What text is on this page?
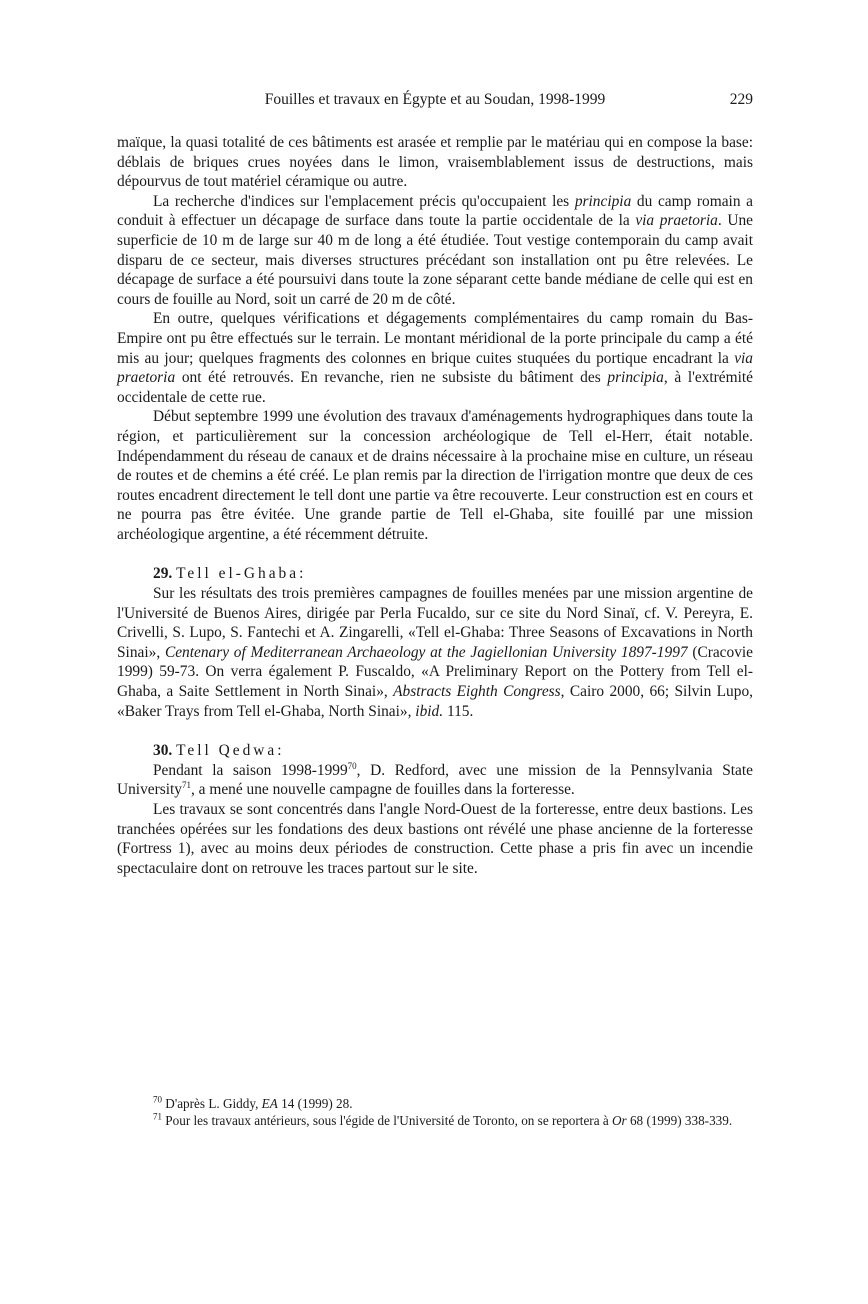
Fouilles et travaux en Égypte et au Soudan, 1998-1999	229

maïque, la quasi totalité de ces bâtiments est arasée et remplie par le matériau qui en compose la base: déblais de briques crues noyées dans le limon, vraisemblablement issus de destructions, mais dépourvus de tout matériel céramique ou autre.

La recherche d'indices sur l'emplacement précis qu'occupaient les principia du camp romain a conduit à effectuer un décapage de surface dans toute la partie occidentale de la via praetoria. Une superficie de 10 m de large sur 40 m de long a été étudiée. Tout vestige contemporain du camp avait disparu de ce secteur, mais diverses structures précédant son installation ont pu être relevées. Le décapage de surface a été poursuivi dans toute la zone séparant cette bande médiane de celle qui est en cours de fouille au Nord, soit un carré de 20 m de côté.

En outre, quelques vérifications et dégagements complémentaires du camp romain du Bas-Empire ont pu être effectués sur le terrain. Le montant méridional de la porte principale du camp a été mis au jour; quelques fragments des colonnes en brique cuites stuquées du portique encadrant la via praetoria ont été retrouvés. En revanche, rien ne subsiste du bâtiment des principia, à l'extrémité occidentale de cette rue.

Début septembre 1999 une évolution des travaux d'aménagements hydrographiques dans toute la région, et particulièrement sur la concession archéologique de Tell el-Herr, était notable. Indépendamment du réseau de canaux et de drains nécessaire à la prochaine mise en culture, un réseau de routes et de chemins a été créé. Le plan remis par la direction de l'irrigation montre que deux de ces routes encadrent directement le tell dont une partie va être recouverte. Leur construction est en cours et ne pourra pas être évitée. Une grande partie de Tell el-Ghaba, site fouillé par une mission archéologique argentine, a été récemment détruite.

29. Tell el-Ghaba:

Sur les résultats des trois premières campagnes de fouilles menées par une mission argentine de l'Université de Buenos Aires, dirigée par Perla Fucaldo, sur ce site du Nord Sinaï, cf. V. Pereyra, E. Crivelli, S. Lupo, S. Fantechi et A. Zingarelli, «Tell el-Ghaba: Three Seasons of Excavations in North Sinai», Centenary of Mediterranean Archaeology at the Jagiellonian University 1897-1997 (Cracovie 1999) 59-73. On verra également P. Fuscaldo, «A Preliminary Report on the Pottery from Tell el-Ghaba, a Saite Settlement in North Sinai», Abstracts Eighth Congress, Cairo 2000, 66; Silvin Lupo, «Baker Trays from Tell el-Ghaba, North Sinai», ibid. 115.

30. Tell Qedwa:

Pendant la saison 1998-1999$^{70}$, D. Redford, avec une mission de la Pennsylvania State University$^{71}$, a mené une nouvelle campagne de fouilles dans la forteresse.

Les travaux se sont concentrés dans l'angle Nord-Ouest de la forteresse, entre deux bastions. Les tranchées opérées sur les fondations des deux bastions ont révélé une phase ancienne de la forteresse (Fortress 1), avec au moins deux périodes de construction. Cette phase a pris fin avec un incendie spectaculaire dont on retrouve les traces partout sur le site.

$^{70}$ D'après L. Giddy, EA 14 (1999) 28.

$^{71}$ Pour les travaux antérieurs, sous l'égide de l'Université de Toronto, on se reportera à Or 68 (1999) 338-339.
